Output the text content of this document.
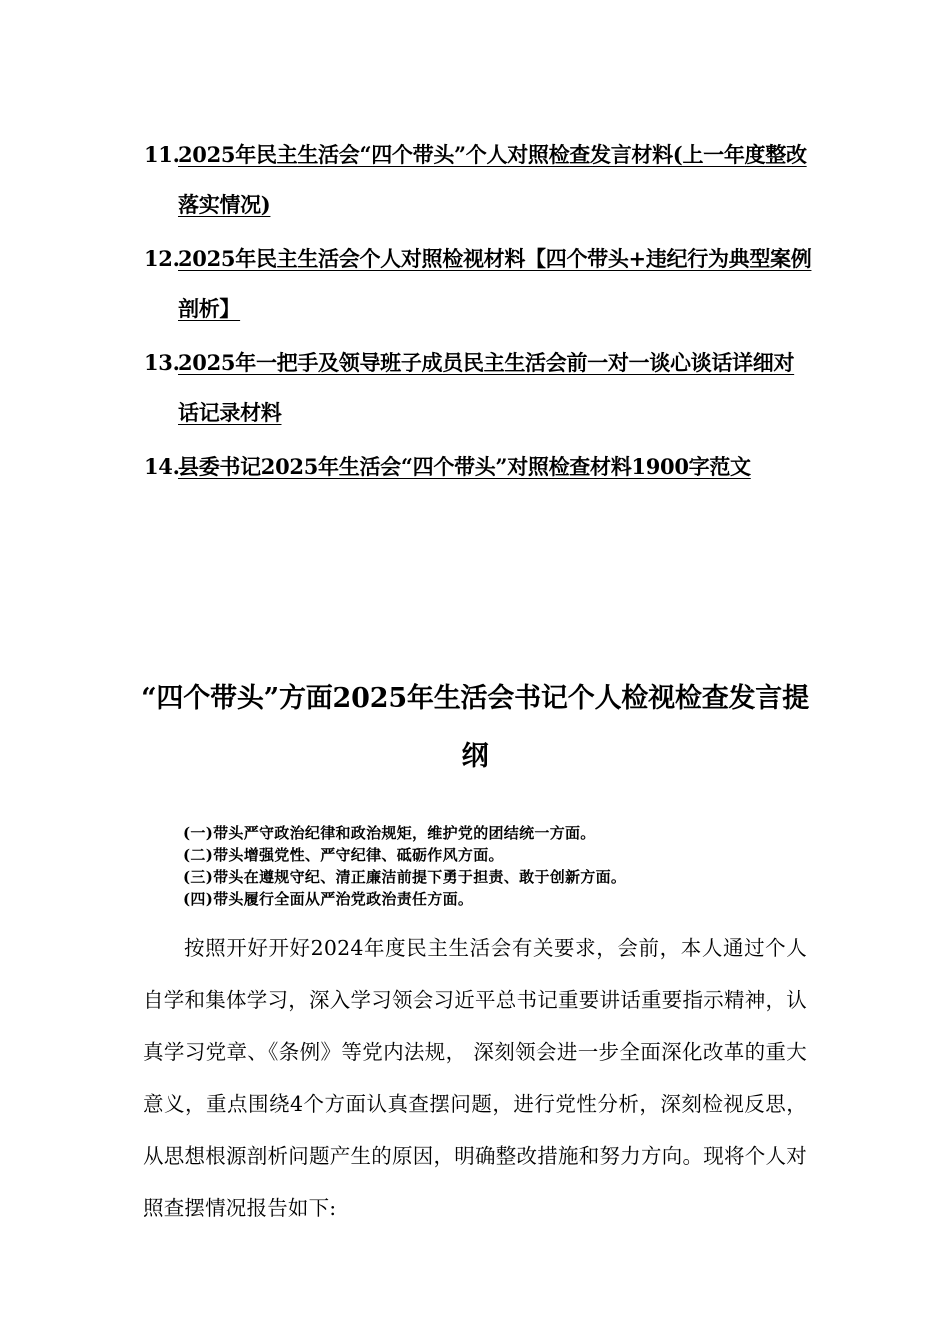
11.
2025年民主生活会“四个带头”个人对照检查发言材料(上一年度整改落实情况)
12.
2025年民主生活会个人对照检视材料【四个带头+违纪行为典型案例剖析】
13.
2025年一把手及领导班子成员民主生活会前一对一谈心谈话详细对话记录材料
14.
县委书记2025年生活会“四个带头”对照检查材料1900字范文
“四个带头”方面2025年生活会书记个人检视检查发言提纲
(一)带头严守政治纪律和政治规矩，维护党的团结统一方面。
(二)带头增强党性、严守纪律、砥砺作风方面。
(三)带头在遵规守纪、清正廉洁前提下勇于担责、敢于创新方面。
(四)带头履行全面从严治党政治责任方面。

按照开好开好2024年度民主生活会有关要求，会前，本人通过个人自学和集体学习，深入学习领会习近平总书记重要讲话重要指示精神，认真学习党章、《条例》等党内法规， 深刻领会进一步全面深化改革的重大意义，重点围绕4个方面认真查摆问题，进行党性分析，深刻检视反思，从思想根源剖析问题产生的原因，明确整改措施和努力方向。现将个人对照查摆情况报告如下:
